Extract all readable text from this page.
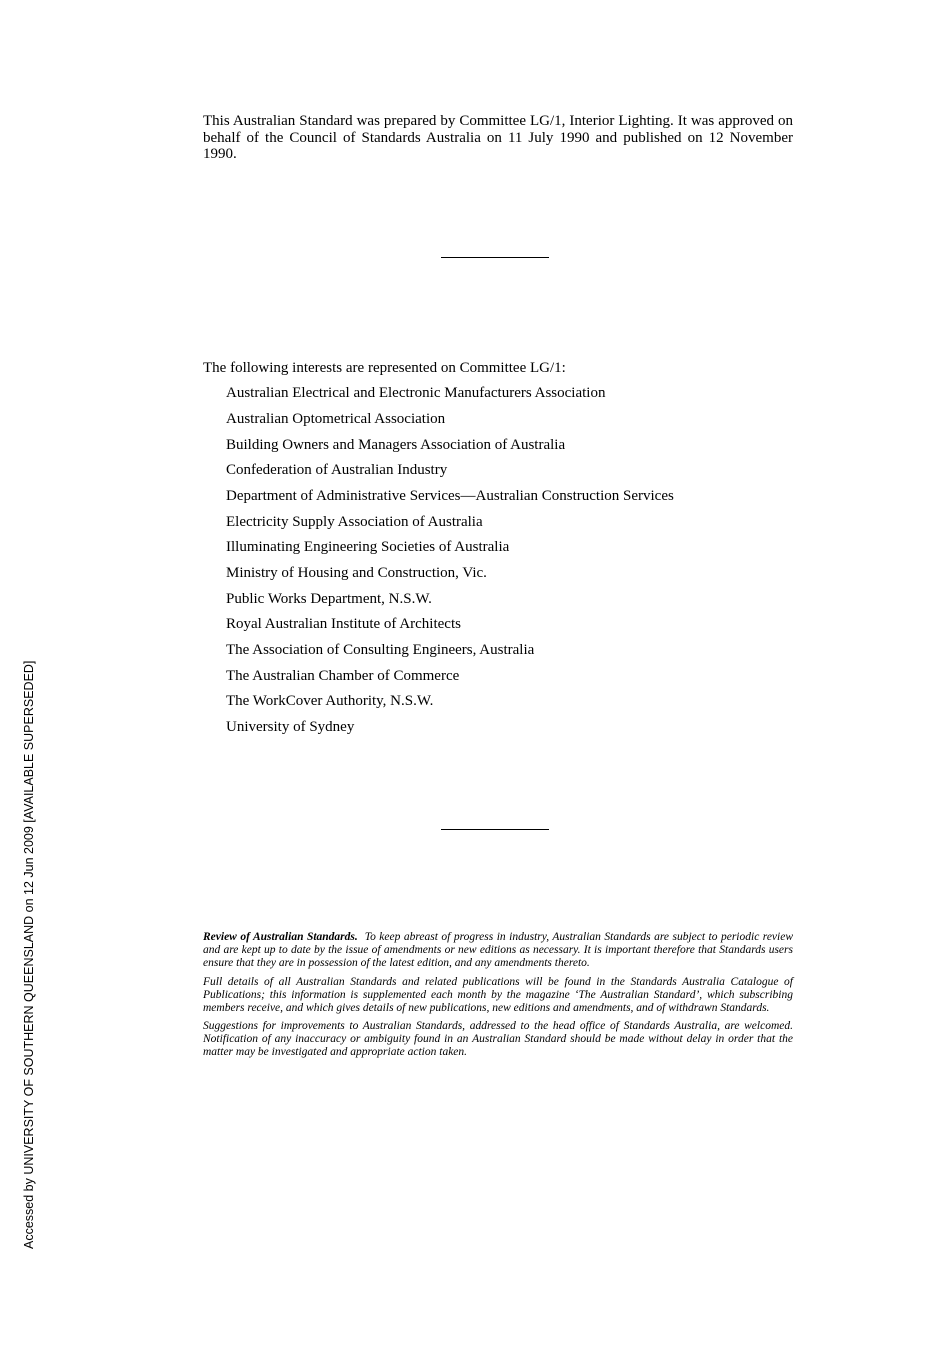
This Australian Standard was prepared by Committee LG/1, Interior Lighting. It was approved on behalf of the Council of Standards Australia on 11 July 1990 and published on 12 November 1990.

The following interests are represented on Committee LG/1:

Australian Electrical and Electronic Manufacturers Association
Australian Optometrical Association
Building Owners and Managers Association of Australia
Confederation of Australian Industry
Department of Administrative Services—Australian Construction Services
Electricity Supply Association of Australia
Illuminating Engineering Societies of Australia
Ministry of Housing and Construction, Vic.
Public Works Department, N.S.W.
Royal Australian Institute of Architects
The Association of Consulting Engineers, Australia
The Australian Chamber of Commerce
The WorkCover Authority, N.S.W.
University of Sydney

Review of Australian Standards. To keep abreast of progress in industry, Australian Standards are subject to periodic review and are kept up to date by the issue of amendments or new editions as necessary. It is important therefore that Standards users ensure that they are in possession of the latest edition, and any amendments thereto.

Full details of all Australian Standards and related publications will be found in the Standards Australia Catalogue of Publications; this information is supplemented each month by the magazine ‘The Australian Standard’, which subscribing members receive, and which gives details of new publications, new editions and amendments, and of withdrawn Standards.

Suggestions for improvements to Australian Standards, addressed to the head office of Standards Australia, are welcomed. Notification of any inaccuracy or ambiguity found in an Australian Standard should be made without delay in order that the matter may be investigated and appropriate action taken.

Accessed by UNIVERSITY OF SOUTHERN QUEENSLAND on 12 Jun 2009 [AVAILABLE SUPERSEDED]
